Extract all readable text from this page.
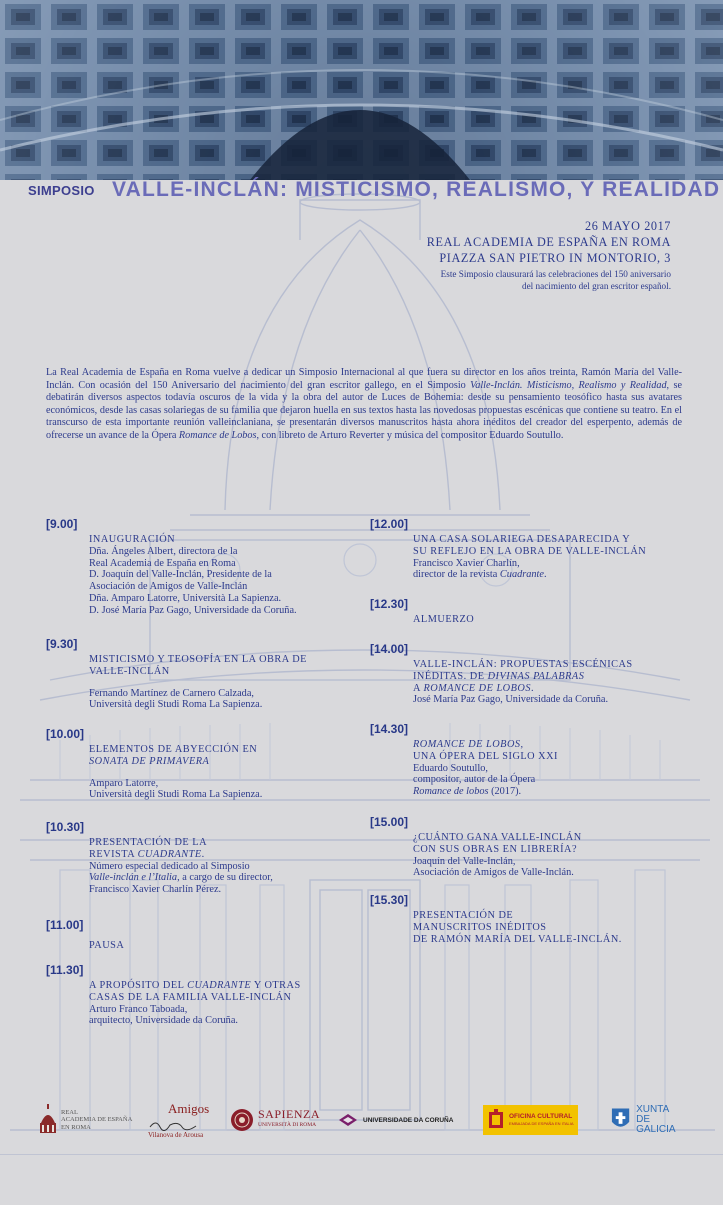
SIMPOSIO VALLE-INCLÁN: MISTICISMO, REALISMO, Y REALIDAD
26 MAYO 2017
REAL ACADEMIA DE ESPAÑA EN ROMA
PIAZZA SAN PIETRO IN MONTORIO, 3
Este Simposio clausurará las celebraciones del 150 aniversario
del nacimiento del gran escritor español.
La Real Academia de España en Roma vuelve a dedicar un Simposio Internacional al que fuera su director en los años treinta, Ramón María del Valle-Inclán. Con ocasión del 150 Aniversario del nacimiento del gran escritor gallego, en el Simposio Valle-Inclán. Misticismo, Realismo y Realidad, se debatirán diversos aspectos todavía oscuros de la vida y la obra del autor de Luces de Bohemia: desde su pensamiento teosófico hasta sus avatares económicos, desde las casas solariegas de su familia que dejaron huella en sus textos hasta las novedosas propuestas escénicas que contiene su teatro. En el transcurso de esta importante reunión valleinclaniana, se presentarán diversos manuscritos hasta ahora inéditos del creador del esperpento, además de ofrecerse un avance de la Ópera Romance de Lobos, con libreto de Arturo Reverter y música del compositor Eduardo Soutullo.
[9.00]
INAUGURACIÓN
Dña. Ángeles Albert, directora de la
Real Academia de España en Roma
D. Joaquín del Valle-Inclán, Presidente de la
Asociación de Amigos de Valle-Inclán
Dña. Amparo Latorre, Università La Sapienza.
D. José María Paz Gago, Universidade da Coruña.
[9.30]
MISTICISMO Y TEOSOFÍA EN LA OBRA DE
VALLE-INCLÁN
Fernando Martínez de Carnero Calzada,
Università degli Studi Roma La Sapienza.
[10.00]
ELEMENTOS DE ABYECCIÓN EN
SONATA DE PRIMAVERA
Amparo Latorre,
Università degli Studi Roma La Sapienza.
[10.30]
PRESENTACIÓN DE LA
REVISTA CUADRANTE.
Número especial dedicado al Simposio
Valle-inclán e l’Italia, a cargo de su director,
Francisco Xavier Charlín Pérez.
[11.00]
PAUSA
[11.30]
A PROPÓSITO DEL CUADRANTE Y OTRAS
CASAS DE LA FAMILIA VALLE-INCLÁN
Arturo Franco Taboada,
arquitecto, Universidade da Coruña.
[12.00]
UNA CASA SOLARIEGA DESAPARECIDA Y
SU REFLEJO EN LA OBRA DE VALLE-INCLÁN
Francisco Xavier Charlín,
director de la revista Cuadrante.
[12.30]
ALMUERZO
[14.00]
VALLE-INCLÁN: PROPUESTAS ESCÉNICAS
INÉDITAS. DE DIVINAS PALABRAS
A ROMANCE DE LOBOS.
José María Paz Gago, Universidade da Coruña.
[14.30]
ROMANCE DE LOBOS,
UNA ÓPERA DEL SIGLO XXI
Eduardo Soutullo,
compositor, autor de la Ópera
Romance de lobos (2017).
[15.00]
¿CUÁNTO GANA VALLE-INCLÁN
CON SUS OBRAS EN LIBRERÍA?
Joaquín del Valle-Inclán,
Asociación de Amigos de Valle-Inclán.
[15.30]
PRESENTACIÓN DE
MANUSCRITOS INÉDITOS
DE RAMÓN MARÍA DEL VALLE-INCLÁN.
REAL
ACADEMIA DE ESPAÑA
EN ROMA
Amigos
Vilanova de Arousa
SAPIENZA
UNIVERSITÀ DI ROMA
UNIVERSIDADE DA CORUÑA	OFICINA CULTURAL
EMBAJADA DE ESPAÑA EN ITALIA
XUNTA
DE GALICIA
